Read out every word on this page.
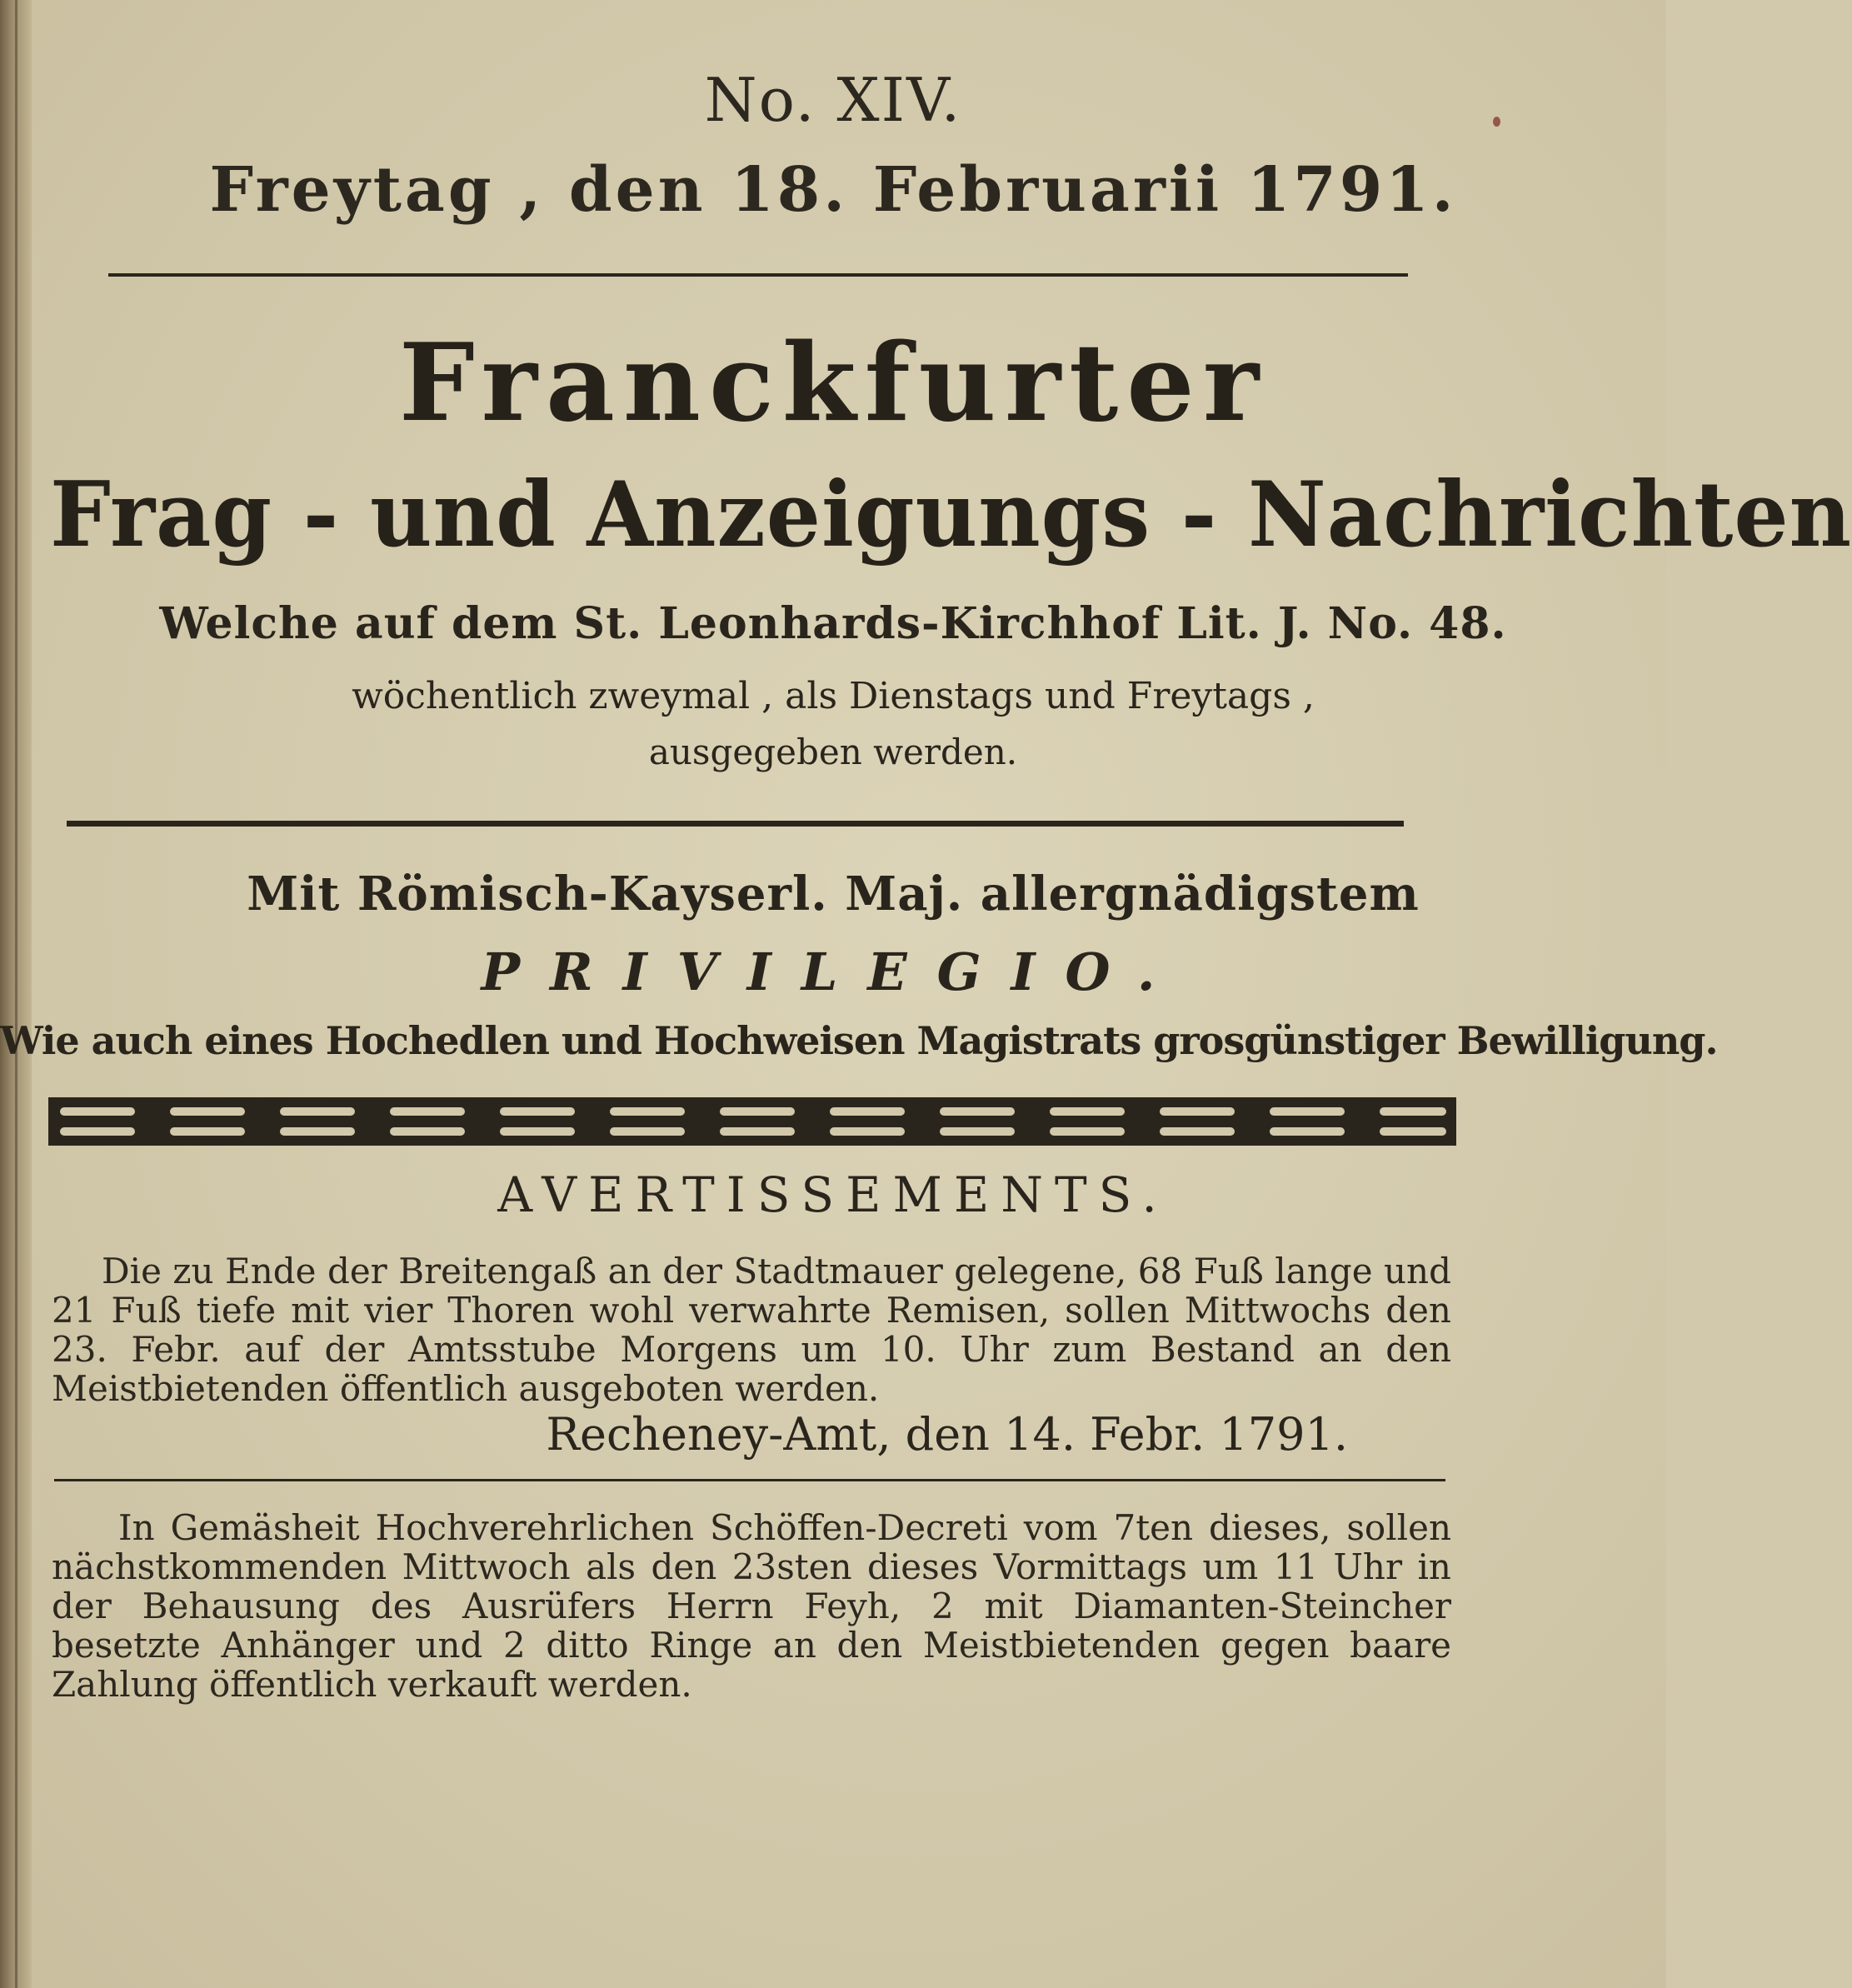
No. XIV.
Freytag , den 18. Februarii 1791.
Franckfurter
Frag - und Anzeigungs - Nachrichten
Welche auf dem St. Leonhards-Kirchhof Lit. J. No. 48.
wöchentlich zweymal , als Dienstags und Freytags ,
ausgegeben werden.
Mit Römisch-Kayserl. Maj. allergnädigstem
PRIVILEGIO.
Wie auch eines Hochedlen und Hochweisen Magistrats grosgünstiger Bewilligung.
AVERTISSEMENTS.
Die zu Ende der Breitengaß an der Stadtmauer gelegene, 68 Fuß lange und 21 Fuß tiefe mit vier Thoren wohl verwahrte Remisen, sollen Mittwochs den 23. Febr. auf der Amtsstube Morgens um 10. Uhr zum Bestand an den Meistbietenden öffentlich ausgeboten werden.
Recheney-Amt, den 14. Febr. 1791.
In Gemäsheit Hochverehrlichen Schöffen-Decreti vom 7ten dieses, sollen nächstkommenden Mittwoch als den 23sten dieses Vormittags um 11 Uhr in der Behausung des Ausrüfers Herrn Feyh, 2 mit Diamanten-Steincher besetzte Anhänger und 2 ditto Ringe an den Meistbietenden gegen baare Zahlung öffentlich verkauft werden.
